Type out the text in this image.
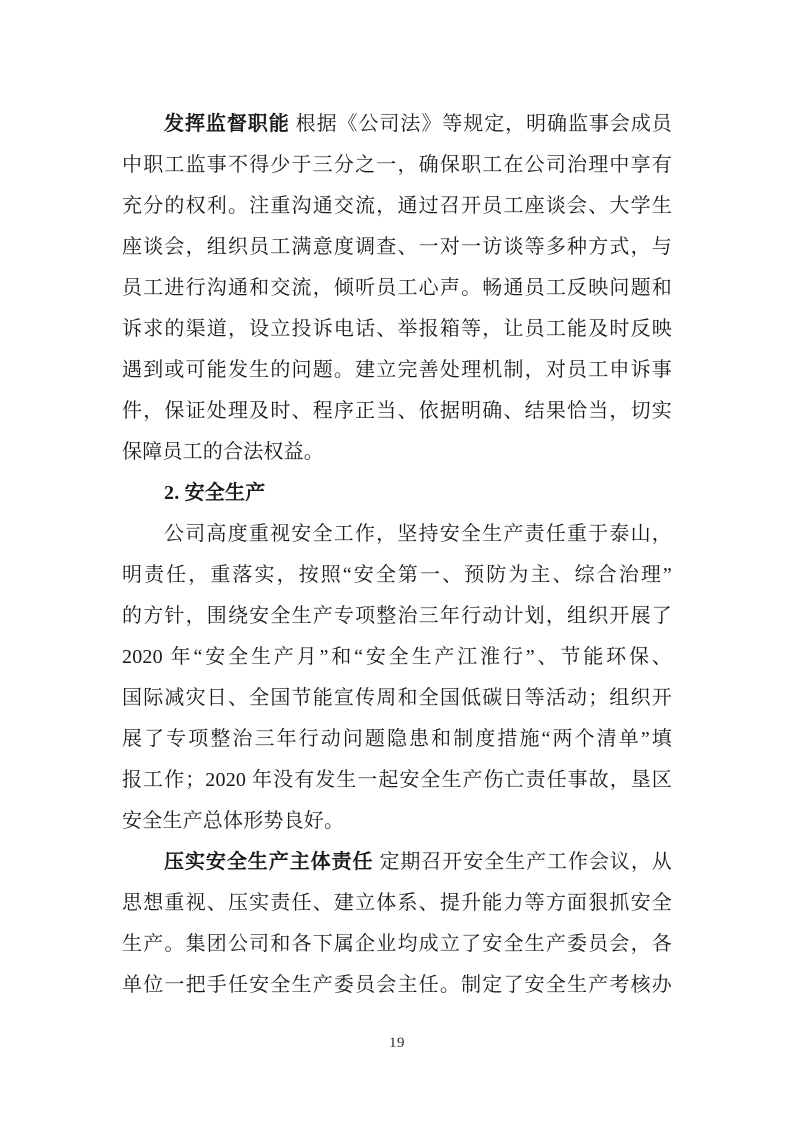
发挥监督职能 根据《公司法》等规定，明确监事会成员
中职工监事不得少于三分之一，确保职工在公司治理中享有
充分的权利。注重沟通交流，通过召开员工座谈会、大学生
座谈会，组织员工满意度调查、一对一访谈等多种方式，与
员工进行沟通和交流，倾听员工心声。畅通员工反映问题和
诉求的渠道，设立投诉电话、举报箱等，让员工能及时反映
遇到或可能发生的问题。建立完善处理机制，对员工申诉事
件，保证处理及时、程序正当、依据明确、结果恰当，切实
保障员工的合法权益。
2. 安全生产
公司高度重视安全工作，坚持安全生产责任重于泰山，
明责任，重落实，按照“安全第一、预防为主、综合治理”
的方针，围绕安全生产专项整治三年行动计划，组织开展了
2020 年“安全生产月”和“安全生产江淮行”、节能环保、
国际减灾日、全国节能宣传周和全国低碳日等活动；组织开
展了专项整治三年行动问题隐患和制度措施“两个清单”填
报工作；2020 年没有发生一起安全生产伤亡责任事故，垦区
安全生产总体形势良好。
压实安全生产主体责任 定期召开安全生产工作会议，从
思想重视、压实责任、建立体系、提升能力等方面狠抓安全
生产。集团公司和各下属企业均成立了安全生产委员会，各
单位一把手任安全生产委员会主任。制定了安全生产考核办
19
